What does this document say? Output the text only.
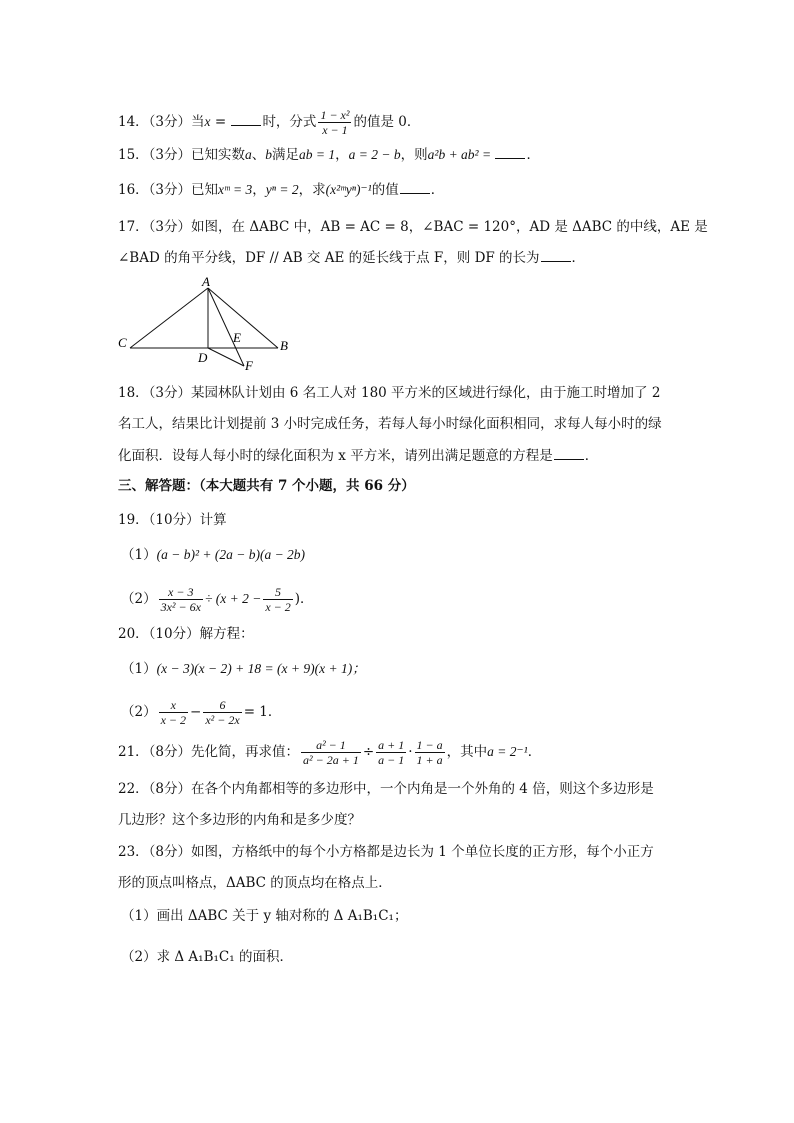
14．（3分）当x = 时，分式 $\frac{\text{1 − x²}}{x - 1}$ 的值是 0．
15．（3分）已知实数a、b满足ab = 1，a = 2 − b，则a²b + ab² = ．
16．（3分）已知xᵐ = 3，yⁿ = 2，求(x²ᵐyⁿ)⁻¹的值 ．
17．（3分）如图，在 ΔABC 中，AB = AC = 8，∠BAC = 120°，AD 是 ΔABC 的中线，AE 是
∠BAD 的角平分线，DF // AB 交 AE 的延长线于点 F，则 DF 的长为 ．
A
C	B
D
E
F
18．（3分）某园林队计划由 6 名工人对 180 平方米的区域进行绿化，由于施工时增加了 2
名工人，结果比计划提前 3 小时完成任务，若每人每小时绿化面积相同，求每人每小时的绿
化面积．设每人每小时的绿化面积为 x 平方米，请列出满足题意的方程是 ．
三、解答题：（本大题共有 7 个小题，共 66 分）
19．（10分）计算
（1）(a − b)² + (2a − b)(a − 2b)
$(2) \frac{x - 3}{\text{3x² − 6x}} \div (x + 2 - \frac{5}{x - 2}$ )．
20．（10分）解方程：
（1）(x − 3)(x − 2) + 18 = (x + 9)(x + 1)；
$(2) \frac{x}{x - 2} - \frac{6}{\text{x² − 2x}} = 1$．
21．（8分）先化简，再求值： $\frac{\text{a² − 1}}{\text{a² − 2a + 1}} \div \frac{a + 1}{a - 1} \cdot \frac{1 - a}{1 + a}$ ，其中a = 2⁻¹．
22．（8分）在各个内角都相等的多边形中，一个内角是一个外角的 4 倍，则这个多边形是
几边形？这个多边形的内角和是多少度？
23．（8分）如图，方格纸中的每个小方格都是边长为 1 个单位长度的正方形，每个小正方
形的顶点叫格点，ΔABC 的顶点均在格点上．
（1）画出 ΔABC 关于 y 轴对称的 Δ A₁B₁C₁；
（2）求 Δ A₁B₁C₁ 的面积．
